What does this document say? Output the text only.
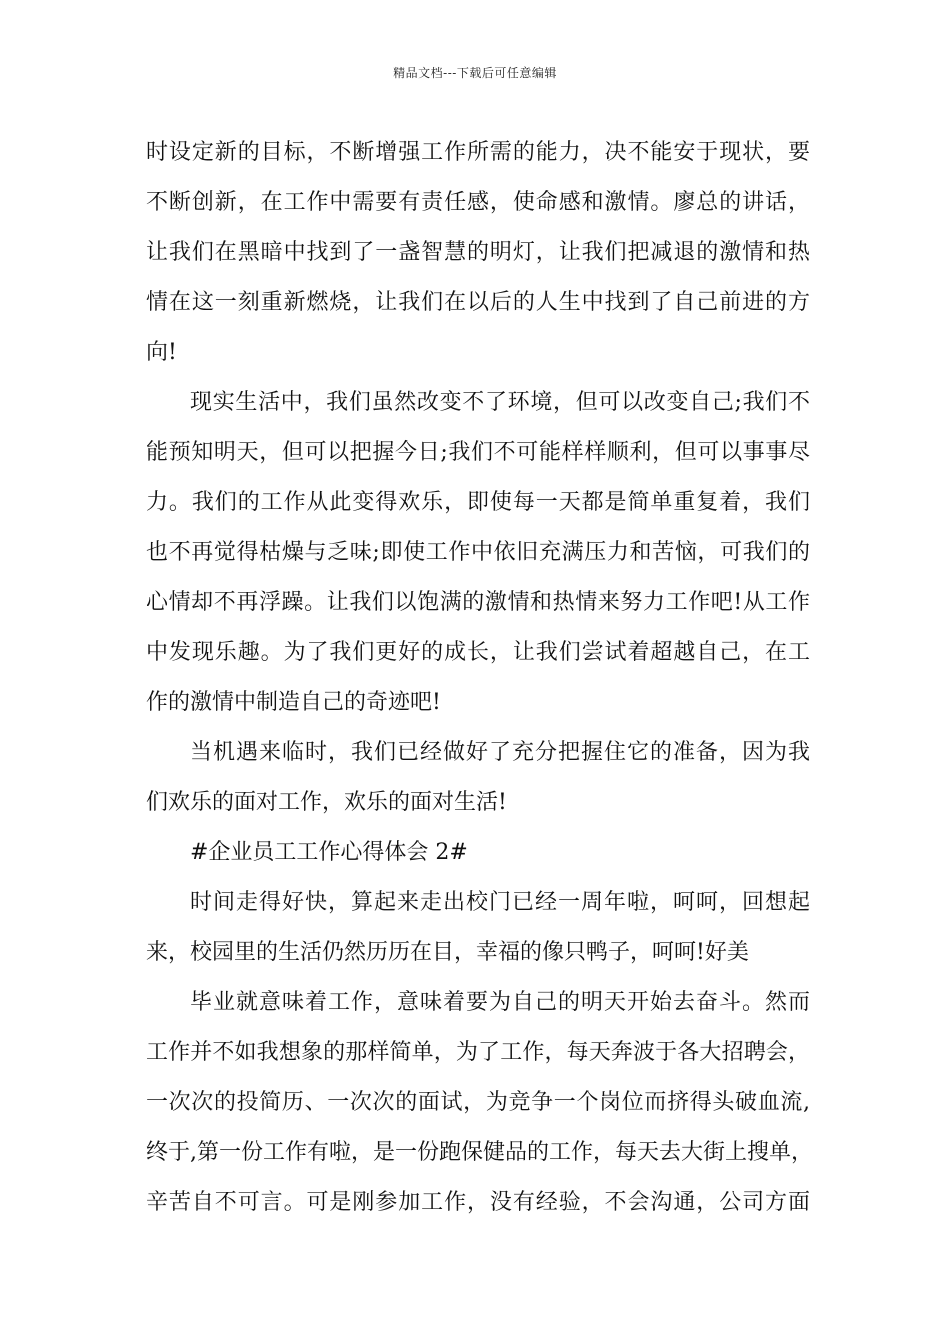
精品文档---下载后可任意编辑
时设定新的目标，不断增强工作所需的能力，决不能安于现状，要
不断创新，在工作中需要有责任感，使命感和激情。廖总的讲话，
让我们在黑暗中找到了一盏智慧的明灯，让我们把减退的激情和热
情在这一刻重新燃烧，让我们在以后的人生中找到了自己前进的方
向!
现实生活中，我们虽然改变不了环境，但可以改变自己;我们不
能预知明天，但可以把握今日;我们不可能样样顺利，但可以事事尽
力。我们的工作从此变得欢乐，即使每一天都是简单重复着，我们
也不再觉得枯燥与乏味;即使工作中依旧充满压力和苦恼，可我们的
心情却不再浮躁。让我们以饱满的激情和热情来努力工作吧!从工作
中发现乐趣。为了我们更好的成长，让我们尝试着超越自己，在工
作的激情中制造自己的奇迹吧!
当机遇来临时，我们已经做好了充分把握住它的准备，因为我
们欢乐的面对工作，欢乐的面对生活!
#企业员工工作心得体会 2#
时间走得好快，算起来走出校门已经一周年啦，呵呵，回想起
来，校园里的生活仍然历历在目，幸福的像只鸭子，呵呵!好美
毕业就意味着工作，意味着要为自己的明天开始去奋斗。然而
工作并不如我想象的那样简单，为了工作，每天奔波于各大招聘会，
一次次的投简历、一次次的面试，为竞争一个岗位而挤得头破血流,
终于,第一份工作有啦，是一份跑保健品的工作，每天去大街上搜单，
辛苦自不可言。可是刚参加工作，没有经验，不会沟通，公司方面
